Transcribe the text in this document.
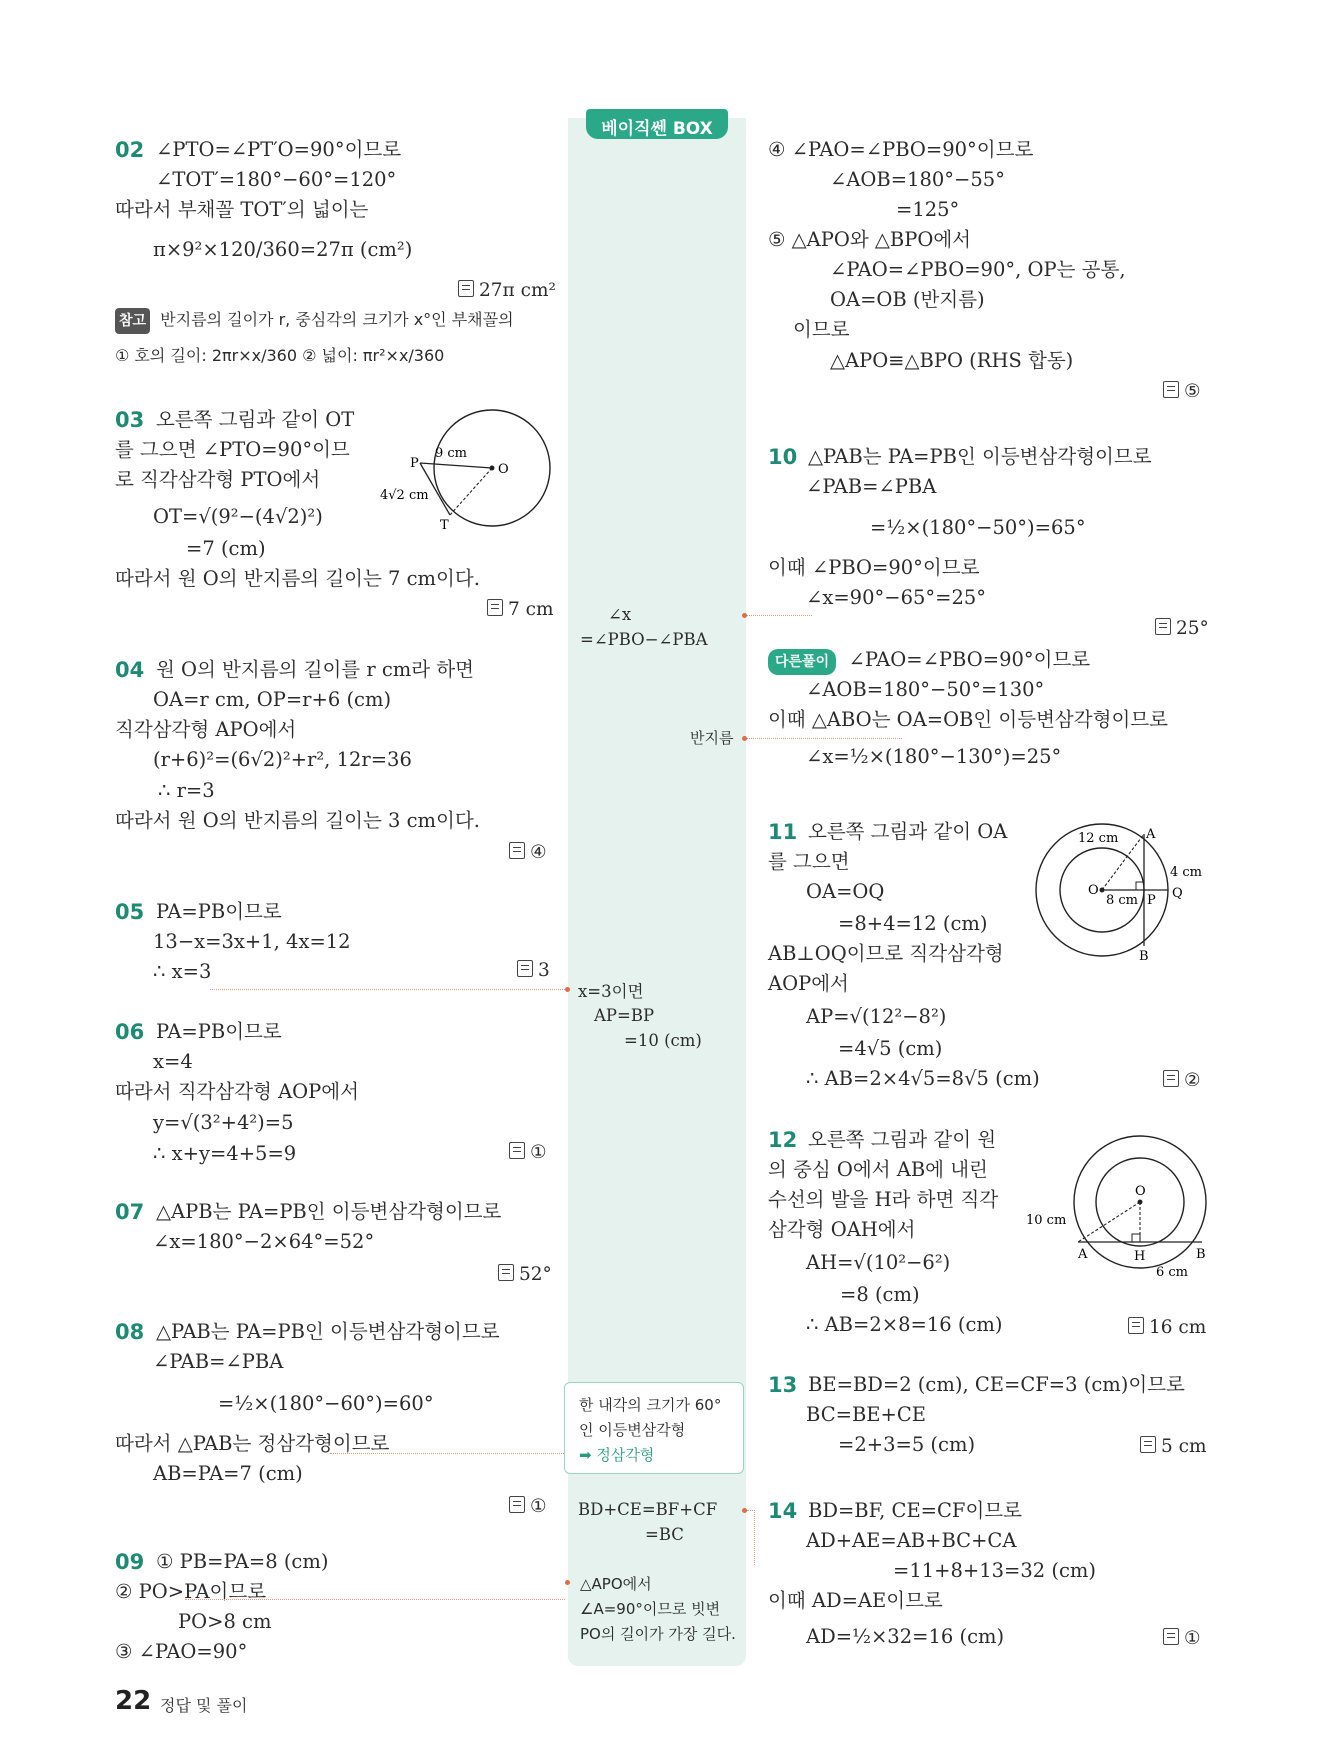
베이직쎈 BOX
02 ∠PTO=∠PT′O=90°이므로
∠TOT′=180°−60°=120°
따라서 부채꼴 TOT′의 넓이는
π×9²×120/360=27π (cm²)
27π cm²
참고 반지름의 길이가 r, 중심각의 크기가 x°인 부채꼴의
① 호의 길이: 2πr×x/360 ② 넓이: πr²×x/360
03 오른쪽 그림과 같이 OT
를 그으면 ∠PTO=90°이므
로 직각삼각형 PTO에서
OT=√(9²−(4√2)²)
=7 (cm)
따라서 원 O의 반지름의 길이는 7 cm이다.
7 cm
P
9 cm
O
4√2 cm
T
04 원 O의 반지름의 길이를 r cm라 하면
OA=r cm, OP=r+6 (cm)
직각삼각형 APO에서
(r+6)²=(6√2)²+r², 12r=36
∴ r=3
따라서 원 O의 반지름의 길이는 3 cm이다.
④
05 PA=PB이므로
13−x=3x+1, 4x=12
∴ x=3	3
06 PA=PB이므로
x=4
따라서 직각삼각형 AOP에서
y=√(3²+4²)=5
∴ x+y=4+5=9	①
07 △APB는 PA=PB인 이등변삼각형이므로
∠x=180°−2×64°=52°
52°
08 △PAB는 PA=PB인 이등변삼각형이므로
∠PAB=∠PBA
=½×(180°−60°)=60°
따라서 △PAB는 정삼각형이므로
AB=PA=7 (cm)
①
09 ① PB=PA=8 (cm)
② PO>PA이므로
PO>8 cm
③ ∠PAO=90°
∠x
=∠PBO−∠PBA
반지름
x=3이면
AP=BP
=10 (cm)
한 내각의 크기가 60°
인 이등변삼각형
➡ 정삼각형
BD+CE=BF+CF
=BC
△APO에서
∠A=90°이므로 빗변
PO의 길이가 가장 길다.
④ ∠PAO=∠PBO=90°이므로
∠AOB=180°−55°
=125°
⑤ △APO와 △BPO에서
∠PAO=∠PBO=90°, OP는 공통,
OA=OB (반지름)
이므로
△APO≡△BPO (RHS 합동)
⑤
10 △PAB는 PA=PB인 이등변삼각형이므로
∠PAB=∠PBA
=½×(180°−50°)=65°
이때 ∠PBO=90°이므로
∠x=90°−65°=25°
25°
다른풀이 ∠PAO=∠PBO=90°이므로
∠AOB=180°−50°=130°
이때 △ABO는 OA=OB인 이등변삼각형이므로
∠x=½×(180°−130°)=25°
11 오른쪽 그림과 같이 OA
를 그으면
OA=OQ
=8+4=12 (cm)
AB⊥OQ이므로 직각삼각형
AOP에서
AP=√(12²−8²)
=4√5 (cm)
∴ AB=2×4√5=8√5 (cm)	②
12 cm A
4 cm
O
8 cm P Q
B
12 오른쪽 그림과 같이 원
의 중심 O에서 AB에 내린
수선의 발을 H라 하면 직각
삼각형 OAH에서
AH=√(10²−6²)
=8 (cm)
∴ AB=2×8=16 (cm)	16 cm
O
10 cm
A	H	B
6 cm
13 BE=BD=2 (cm), CE=CF=3 (cm)이므로
BC=BE+CE
=2+3=5 (cm)	5 cm
14 BD=BF, CE=CF이므로
AD+AE=AB+BC+CA
=11+8+13=32 (cm)
이때 AD=AE이므로
AD=½×32=16 (cm)	①
22 정답 및 풀이
